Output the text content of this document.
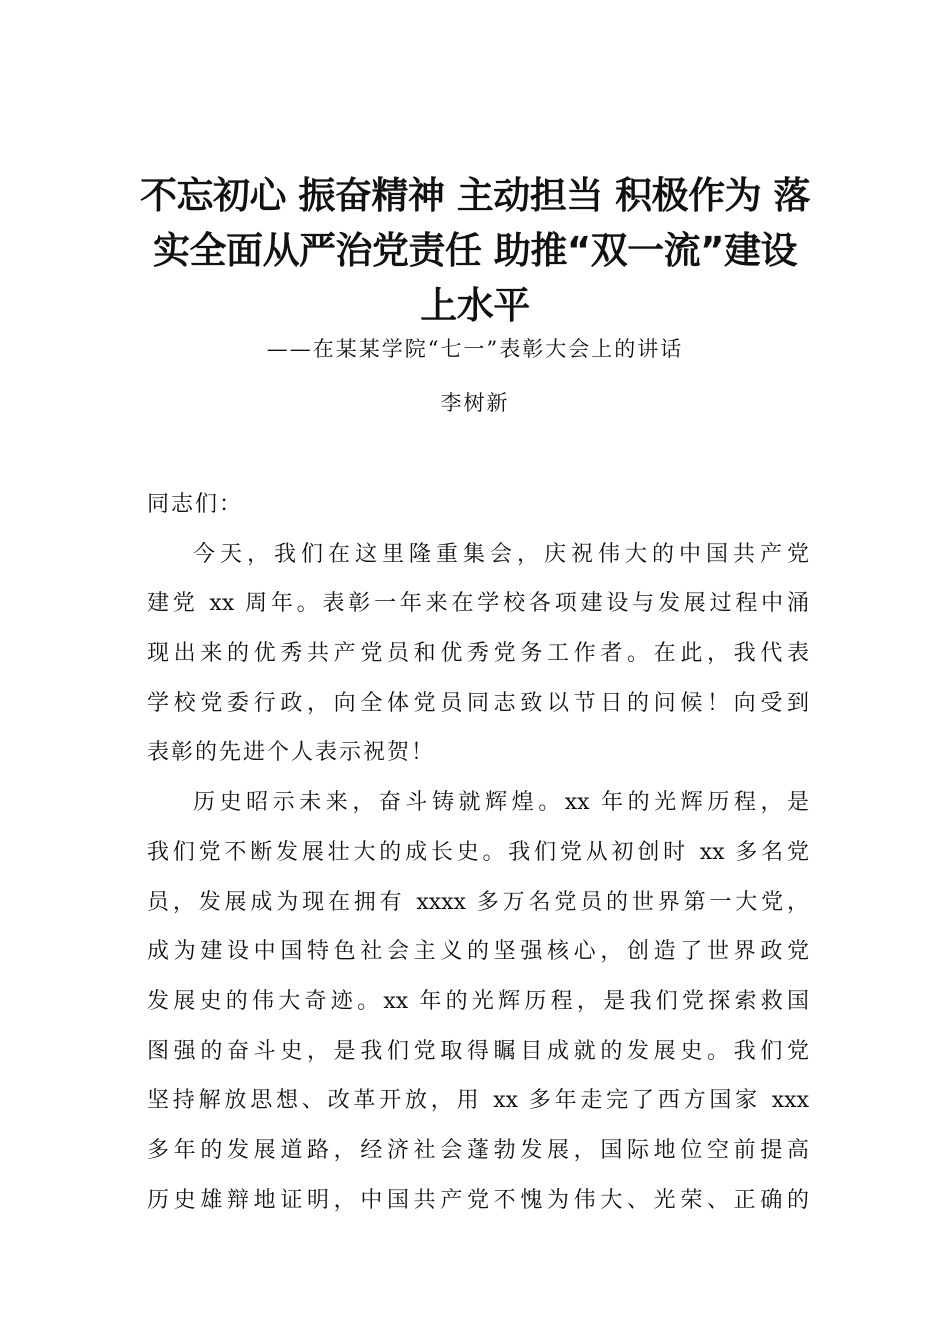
不忘初心 振奋精神 主动担当 积极作为 落
实全面从严治党责任 助推“双一流”建设
上水平

——在某某学院“七一”表彰大会上的讲话

李树新

同志们：
今天，我们在这里隆重集会，庆祝伟大的中国共产党
建党 xx 周年。表彰一年来在学校各项建设与发展过程中涌
现出来的优秀共产党员和优秀党务工作者。在此，我代表
学校党委行政，向全体党员同志致以节日的问候！向受到
表彰的先进个人表示祝贺！
历史昭示未来，奋斗铸就辉煌。xx 年的光辉历程，是
我们党不断发展壮大的成长史。我们党从初创时 xx 多名党
员，发展成为现在拥有 xxxx 多万名党员的世界第一大党，
成为建设中国特色社会主义的坚强核心，创造了世界政党
发展史的伟大奇迹。xx 年的光辉历程，是我们党探索救国
图强的奋斗史，是我们党取得瞩目成就的发展史。我们党
坚持解放思想、改革开放，用 xx 多年走完了西方国家 xxx
多年的发展道路，经济社会蓬勃发展，国际地位空前提高
历史雄辩地证明，中国共产党不愧为伟大、光荣、正确的
